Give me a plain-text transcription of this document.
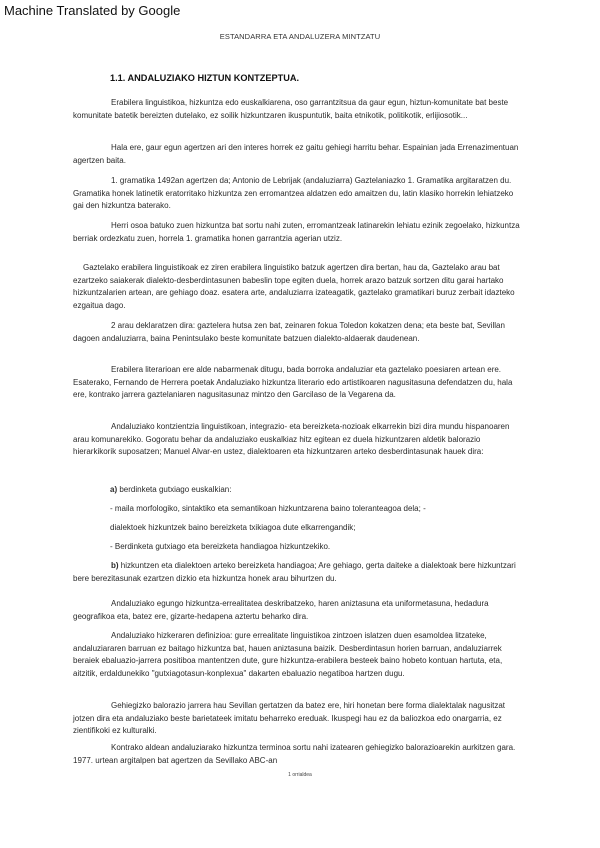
Machine Translated by Google
ESTANDARRA ETA ANDALUZERA MINTZATU
1.1. ANDALUZIAKO HIZTUN KONTZEPTUA.

Erabilera linguistikoa, hizkuntza edo euskalkiarena, oso garrantzitsua da gaur egun, hiztun-komunitate bat beste komunitate batetik bereizten dutelako, ez soilik hizkuntzaren ikuspuntutik, baita etnikotik, politikotik, erlijiosotik...

Hala ere, gaur egun agertzen ari den interes horrek ez gaitu gehiegi harritu behar. Espainian jada Errenazimentuan agertzen baita.

1. gramatika 1492an agertzen da; Antonio de Lebrijak (andaluziarra) Gaztelaniazko 1. Gramatika argitaratzen du. Gramatika honek latinetik eratorritako hizkuntza zen erromantzea aldatzen edo amaitzen du, latin klasiko horrekin lehiatzeko gai den hizkuntza baterako.

Herri osoa batuko zuen hizkuntza bat sortu nahi zuten, erromantzeak latinarekin lehiatu ezinik zegoelako, hizkuntza berriak ordezkatu zuen, horrela 1. gramatika honen garrantzia agerian utziz.

Gaztelako erabilera linguistikoak ez ziren erabilera linguistiko batzuk agertzen dira bertan, hau da, Gaztelako arau bat ezartzeko saiakerak dialekto-desberdintasunen babeslin tope egiten duela, horrek arazo batzuk sortzen ditu garai hartako hizkuntzalarien artean, are gehiago doaz. esatera arte, andaluziarra izateagatik, gaztelako gramatikari buruz zerbait idazteko ezgaitua dago.

2 arau deklaratzen dira: gaztelera hutsa zen bat, zeinaren fokua Toledon kokatzen dena; eta beste bat, Sevillan dagoen andaluziarra, baina Penintsulako beste komunitate batzuen dialekto-aldaerak daudenean.

Erabilera literarioan ere alde nabarmenak ditugu, bada borroka andaluziar eta gaztelako poesiaren artean ere. Esaterako, Fernando de Herrera poetak Andaluziako hizkuntza literario edo artistikoaren nagusitasuna defendatzen du, hala ere, kontrako jarrera gaztelaniaren nagusitasunaz mintzo den Garcilaso de la Vegarena da.

Andaluziako kontzientzia linguistikoan, integrazio- eta bereizketa-nozioak elkarrekin bizi dira mundu hispanoaren arau komunarekiko. Gogoratu behar da andaluziako euskalkiaz hitz egitean ez duela hizkuntzaren aldetik balorazio hierarkikorik suposatzen; Manuel Alvar-en ustez, dialektoaren eta hizkuntzaren arteko desberdintasunak hauek dira:

a) berdinketa gutxiago euskalkian:

- maila morfologiko, sintaktiko eta semantikoan hizkuntzarena baino toleranteagoa dela; -

dialektoek hizkuntzek baino bereizketa txikiagoa dute elkarrengandik;

- Berdinketa gutxiago eta bereizketa handiagoa hizkuntzekiko.

b) hizkuntzen eta dialektoen arteko bereizketa handiagoa; Are gehiago, gerta daiteke a dialektoak bere hizkuntzari bere berezitasunak ezartzen dizkio eta hizkuntza honek arau bihurtzen du.

Andaluziako egungo hizkuntza-errealitatea deskribatzeko, haren aniztasuna eta uniformetasuna, hedadura geografikoa eta, batez ere, gizarte-hedapena aztertu beharko dira.

Andaluziako hizkeraren definizioa: gure errealitate linguistikoa zintzoen islatzen duen esamoldea litzateke, andaluziararen barruan ez baitago hizkuntza bat, hauen aniztasuna baizik. Desberdintasun horien barruan, andaluziarrek beraiek ebaluazio-jarrera positiboa mantentzen dute, gure hizkuntza-erabilera besteek baino hobeto kontuan hartuta, eta, aitzitik, erdaldunekiko "gutxiagotasun-konplexua" dakarten ebaluazio negatiboa hartzen dugu.

Gehiegizko balorazio jarrera hau Sevillan gertatzen da batez ere, hiri honetan bere forma dialektalak nagusitzat jotzen dira eta andaluziako beste barietateek imitatu beharreko ereduak. Ikuspegi hau ez da baliozkoa edo onargarria, ez zientifikoki ez kulturalki.

Kontrako aldean andaluziarako hizkuntza terminoa sortu nahi izatearen gehiegizko balorazioarekin aurkitzen gara. 1977. urtean argitalpen bat agertzen da Sevillako ABC-an

1 orrialdea
